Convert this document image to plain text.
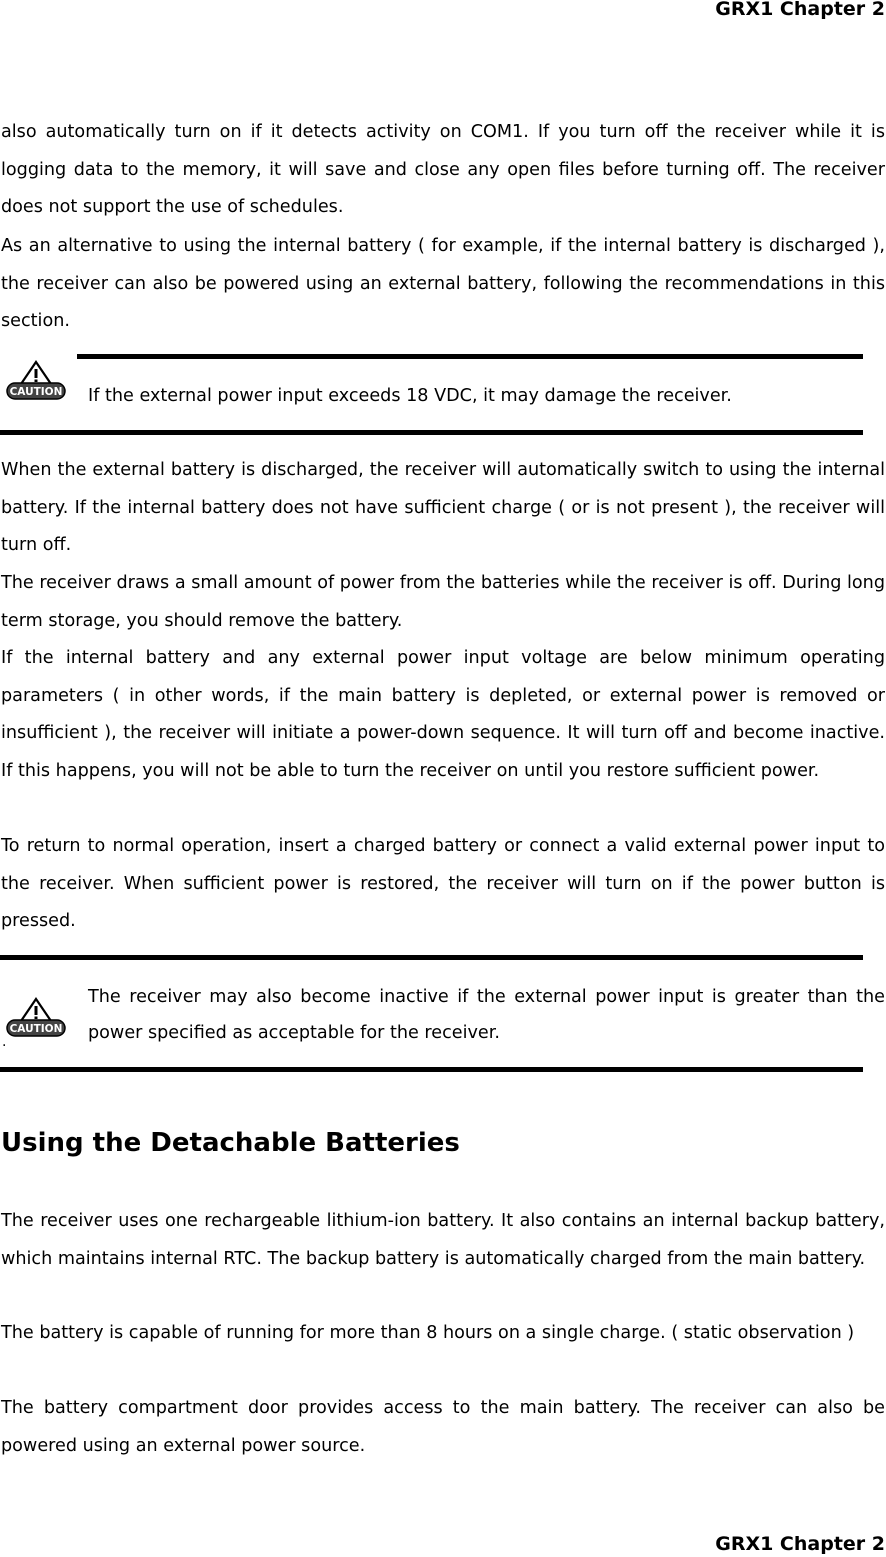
GRX1 Chapter 2
also automatically turn on if it detects activity on COM1. If you turn off the receiver while it is logging data to the memory, it will save and close any open files before turning off. The receiver does not support the use of schedules.
As an alternative to using the internal battery ( for example, if the internal battery is discharged ), the receiver can also be powered using an external battery, following the recommendations in this section.
CAUTION If the external power input exceeds 18 VDC, it may damage the receiver.
When the external battery is discharged, the receiver will automatically switch to using the internal battery. If the internal battery does not have sufficient charge ( or is not present ), the receiver will turn off.
The receiver draws a small amount of power from the batteries while the receiver is off. During long term storage, you should remove the battery.
If the internal battery and any external power input voltage are below minimum operating parameters ( in other words, if the main battery is depleted, or external power is removed or insufficient ), the receiver will initiate a power-down sequence. It will turn off and become inactive. If this happens, you will not be able to turn the receiver on until you restore sufficient power.
To return to normal operation, insert a charged battery or connect a valid external power input to the receiver. When sufficient power is restored, the receiver will turn on if the power button is pressed.
CAUTION
The receiver may also become inactive if the external power input is greater than the power specified as acceptable for the receiver.
.
Using the Detachable Batteries
The receiver uses one rechargeable lithium-ion battery. It also contains an internal backup battery, which maintains internal RTC. The backup battery is automatically charged from the main battery.
The battery is capable of running for more than 8 hours on a single charge. ( static observation )
The battery compartment door provides access to the main battery. The receiver can also be powered using an external power source.
GRX1 Chapter 2
